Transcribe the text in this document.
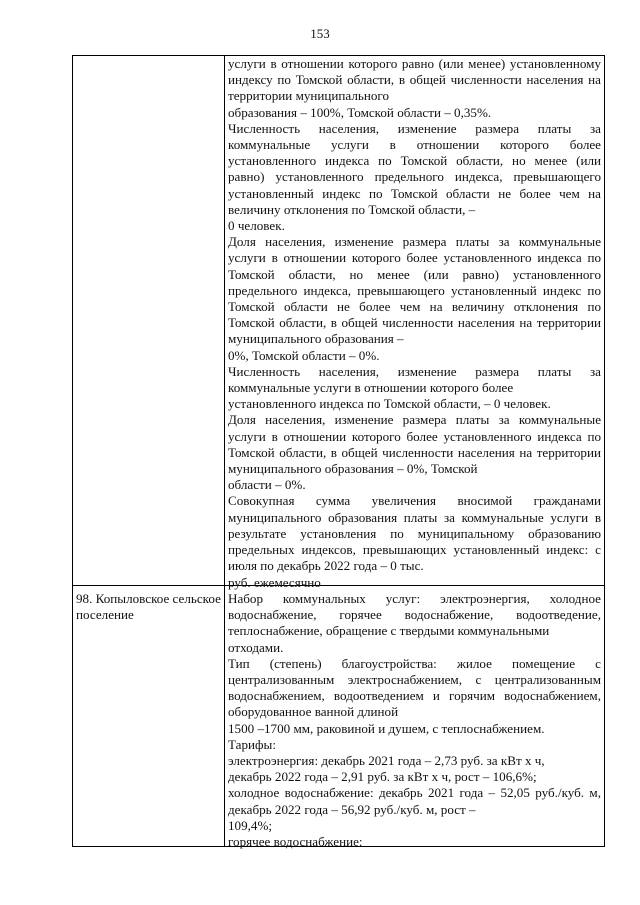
153

услуги в отношении которого равно (или менее) установленному индексу по Томской области, в общей численности населения на территории муниципального

образования – 100%, Томской области – 0,35%.

Численность населения, изменение размера платы за коммунальные услуги в отношении которого более установленного индекса по Томской области, но менее (или равно) установленного предельного индекса, превышающего установленный индекс по Томской области не более чем на величину отклонения по Томской области, –

0 человек.

Доля населения, изменение размера платы за коммунальные услуги в отношении которого более установленного индекса по Томской области, но менее (или равно) установленного предельного индекса, превышающего установленный индекс по Томской области не более чем на величину отклонения по Томской области, в общей численности населения на территории муниципального образования –

0%, Томской области – 0%.

Численность населения, изменение размера платы за коммунальные услуги в отношении которого более

установленного индекса по Томской области, – 0 человек.

Доля населения, изменение размера платы за коммунальные услуги в отношении которого более установленного индекса по Томской области, в общей численности населения на территории муниципального образования – 0%, Томской

области – 0%.

Совокупная сумма увеличения вносимой гражданами муниципального образования платы за коммунальные услуги в результате установления по муниципальному образованию предельных индексов, превышающих установленный индекс: с июля по декабрь 2022 года – 0 тыс.

руб. ежемесячно

98. Копыловское сельское поселение

Набор коммунальных услуг: электроэнергия, холодное водоснабжение, горячее водоснабжение, водоотведение, теплоснабжение, обращение с твердыми коммунальными

отходами.

Тип (степень) благоустройства: жилое помещение с централизованным электроснабжением, с централизованным водоснабжением, водоотведением и горячим водоснабжением, оборудованное ванной длиной

1500 –1700 мм, раковиной и душем, с теплоснабжением.

Тарифы:

электроэнергия: декабрь 2021 года – 2,73 руб. за кВт х ч,

декабрь 2022 года – 2,91 руб. за кВт х ч, рост – 106,6%;

холодное водоснабжение: декабрь 2021 года – 52,05 руб./куб. м, декабрь 2022 года – 56,92 руб./куб. м, рост –

109,4%;

горячее водоснабжение:
